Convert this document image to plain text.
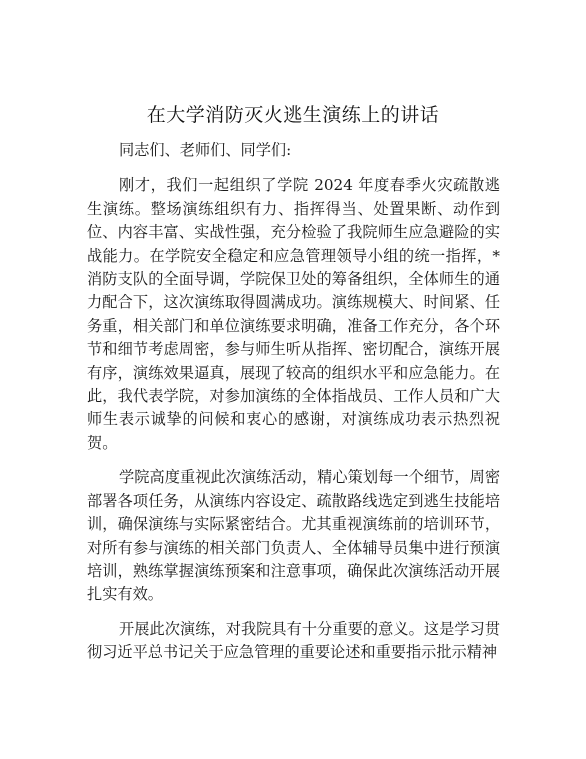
在大学消防灭火逃生演练上的讲话

同志们、老师们、同学们:

刚才，我们一起组织了学院 2024 年度春季火灾疏散逃生演练。整场演练组织有力、指挥得当、处置果断、动作到位、内容丰富、实战性强，充分检验了我院师生应急避险的实战能力。在学院安全稳定和应急管理领导小组的统一指挥，*消防支队的全面导调，学院保卫处的筹备组织，全体师生的通力配合下，这次演练取得圆满成功。演练规模大、时间紧、任务重，相关部门和单位演练要求明确，准备工作充分，各个环节和细节考虑周密，参与师生听从指挥、密切配合，演练开展有序，演练效果逼真，展现了较高的组织水平和应急能力。在此，我代表学院，对参加演练的全体指战员、工作人员和广大师生表示诚挚的问候和衷心的感谢，对演练成功表示热烈祝贺。

学院高度重视此次演练活动，精心策划每一个细节，周密部署各项任务，从演练内容设定、疏散路线选定到逃生技能培训，确保演练与实际紧密结合。尤其重视演练前的培训环节，对所有参与演练的相关部门负责人、全体辅导员集中进行预演培训，熟练掌握演练预案和注意事项，确保此次演练活动开展扎实有效。

开展此次演练，对我院具有十分重要的意义。这是学习贯彻习近平总书记关于应急管理的重要论述和重要指示批示精神
